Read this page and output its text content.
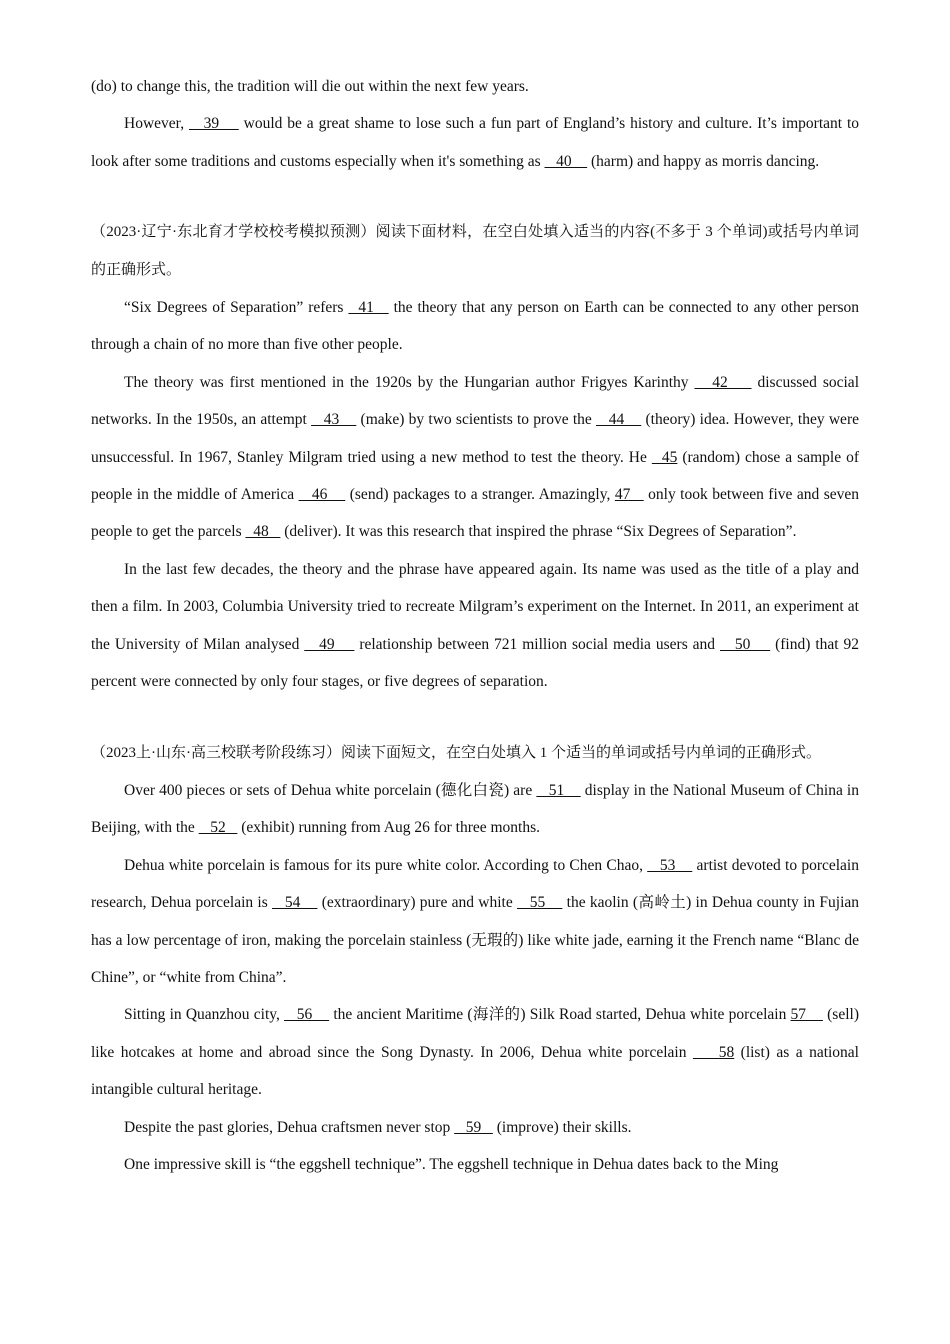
(do) to change this, the tradition will die out within the next few years.

However,    39     would be a great shame to lose such a fun part of England’s history and culture. It’s important to look after some traditions and customs especially when it's something as    40     (harm) and happy as morris dancing.

（2023·辽宁·东北育才学校校考模拟预测）阅读下面材料，在空白处填入适当的内容(不多于 3 个单词)或括号内单词的正确形式。

“Six Degrees of Separation” refers   41    the theory that any person on Earth can be connected to any other person through a chain of no more than five other people.

The theory was first mentioned in the 1920s by the Hungarian author Frigyes Karinthy    42     discussed social networks. In the 1950s, an attempt    43     (make) by two scientists to prove the    44     (theory) idea. However, they were unsuccessful. In 1967, Stanley Milgram tried using a new method to test the theory. He   45 (random) chose a sample of people in the middle of America    46     (send) packages to a stranger. Amazingly, 47    only took between five and seven people to get the parcels   48    (deliver). It was this research that inspired the phrase “Six Degrees of Separation”.

In the last few decades, the theory and the phrase have appeared again. Its name was used as the title of a play and then a film. In 2003, Columbia University tried to recreate Milgram’s experiment on the Internet. In 2011, an experiment at the University of Milan analysed    49     relationship between 721 million social media users and    50     (find) that 92 percent were connected by only four stages, or five degrees of separation.

（2023上·山东·高三校联考阶段练习）阅读下面短文，在空白处填入 1 个适当的单词或括号内单词的正确形式。

Over 400 pieces or sets of Dehua white porcelain (德化白瓷) are    51     display in the National Museum of China in Beijing, with the    52    (exhibit) running from Aug 26 for three months.

Dehua white porcelain is famous for its pure white color. According to Chen Chao,    53     artist devoted to porcelain research, Dehua porcelain is    54     (extraordinary) pure and white    55     the kaolin (高岭土) in Dehua county in Fujian has a low percentage of iron, making the porcelain stainless (无瑕的) like white jade, earning it the French name “Blanc de Chine”, or “white from China”.

Sitting in Quanzhou city,    56     the ancient Maritime (海洋的) Silk Road started, Dehua white porcelain 57     (sell) like hotcakes at home and abroad since the Song Dynasty. In 2006, Dehua white porcelain     58 (list) as a national intangible cultural heritage.

Despite the past glories, Dehua craftsmen never stop    59    (improve) their skills.

One impressive skill is “the eggshell technique”. The eggshell technique in Dehua dates back to the Ming
